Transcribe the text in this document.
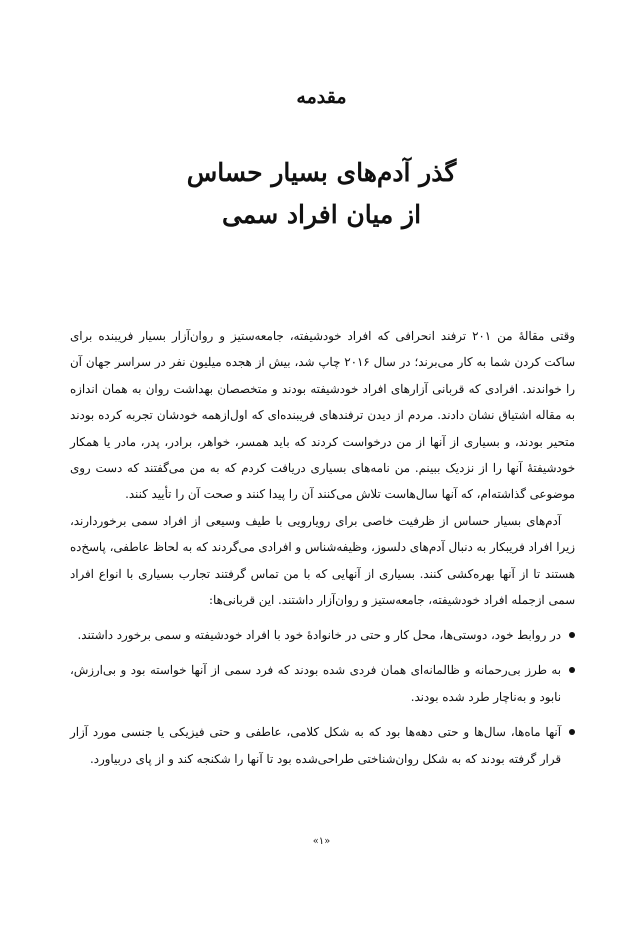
مقدمه
گذر آدم‌های بسیار حساس
از میان افراد سمی

وقتی مقالهٔ من ۲۰۱ ترفند انحرافی که افراد خودشیفته، جامعه‌ستیز و روان‌آزار بسیار فریبنده برای ساکت کردن شما به کار می‌برند؛ در سال ۲۰۱۶ چاپ شد، بیش از هجده میلیون نفر در سراسر جهان آن را خواندند. افرادی که قربانی آزارهای افراد خودشیفته بودند و متخصصان بهداشت روان به همان اندازه به مقاله اشتیاق نشان دادند. مردم از دیدن ترفندهای فریبنده‌ای که اول‌ازهمه خودشان تجربه کرده بودند متحیر بودند، و بسیاری از آنها از من درخواست کردند که باید همسر، خواهر، برادر، پدر، مادر یا همکار خودشیفتهٔ آنها را از نزدیک ببینم. من نامه‌های بسیاری دریافت کردم که به من می‌گفتند که دست روی موضوعی گذاشته‌ام، که آنها سال‌هاست تلاش می‌کنند آن را پیدا کنند و صحت آن را تأیید کنند.

آدم‌های بسیار حساس از ظرفیت خاصی برای رویارویی با طیف وسیعی از افراد سمی برخوردارند، زیرا افراد فریبکار به دنبال آدم‌های دلسوز، وظیفه‌شناس و افرادی می‌گردند که به لحاظ عاطفی، پاسخ‌ده هستند تا از آنها بهره‌کشی کنند. بسیاری از آنهایی که با من تماس گرفتند تجارب بسیاری با انواع افراد سمی ازجمله افراد خودشیفته، جامعه‌ستیز و روان‌آزار داشتند. این قربانی‌ها:

در روابط خود، دوستی‌ها، محل کار و حتی در خانوادهٔ خود با افراد خودشیفته و سمی برخورد داشتند.
به طرز بی‌رحمانه و ظالمانه‌ای همان فردی شده بودند که فرد سمی از آنها خواسته بود و بی‌ارزش، نابود و به‌ناچار طرد شده بودند.
آنها ماه‌ها، سال‌ها و حتی دهه‌ها بود که به شکل کلامی، عاطفی و حتی فیزیکی یا جنسی مورد آزار قرار گرفته بودند که به شکل روان‌شناختی طراحی‌شده بود تا آنها را شکنجه کند و از پای دربیاورد.
«۱»
